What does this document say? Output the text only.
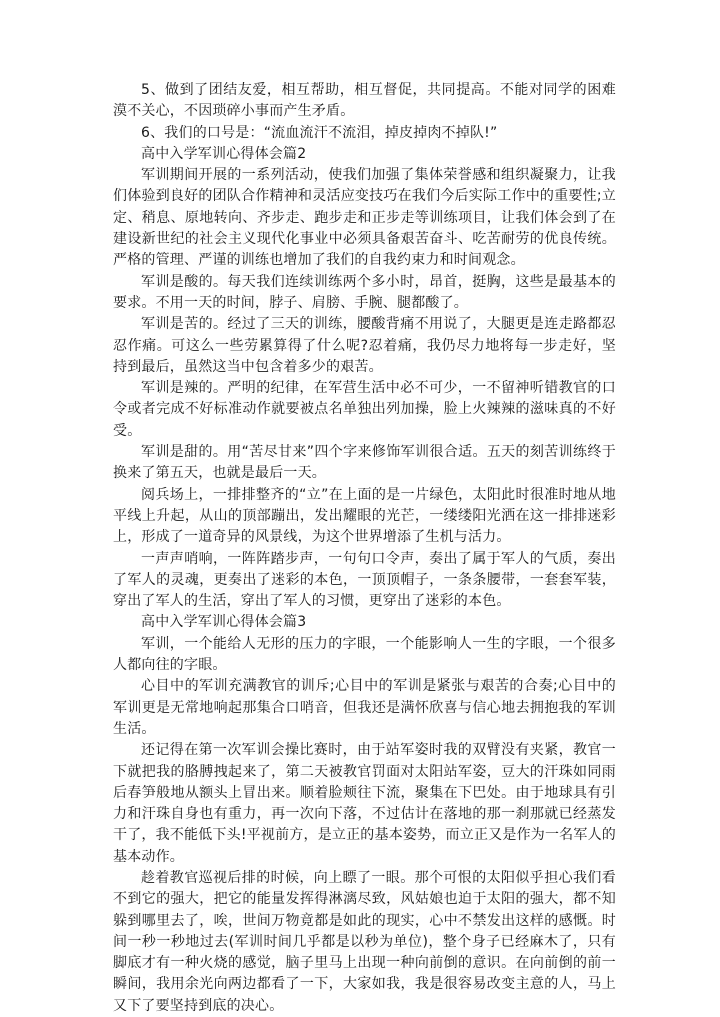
5、做到了团结友爱，相互帮助，相互督促，共同提高。不能对同学的困难漠不关心，不因琐碎小事而产生矛盾。

6、我们的口号是：“流血流汗不流泪，掉皮掉肉不掉队!”

高中入学军训心得体会篇2

军训期间开展的一系列活动，使我们加强了集体荣誉感和组织凝聚力，让我们体验到良好的团队合作精神和灵活应变技巧在我们今后实际工作中的重要性;立定、稍息、原地转向、齐步走、跑步走和正步走等训练项目，让我们体会到了在建设新世纪的社会主义现代化事业中必须具备艰苦奋斗、吃苦耐劳的优良传统。严格的管理、严谨的训练也增加了我们的自我约束力和时间观念。

军训是酸的。每天我们连续训练两个多小时，昂首，挺胸，这些是最基本的要求。不用一天的时间，脖子、肩膀、手腕、腿都酸了。

军训是苦的。经过了三天的训练，腰酸背痛不用说了，大腿更是连走路都忍忍作痛。可这么一些劳累算得了什么呢?忍着痛，我仍尽力地将每一步走好，坚持到最后，虽然这当中包含着多少的艰苦。

军训是辣的。严明的纪律，在军营生活中必不可少，一不留神听错教官的口令或者完成不好标准动作就要被点名单独出列加操，脸上火辣辣的滋味真的不好受。

军训是甜的。用“苦尽甘来”四个字来修饰军训很合适。五天的刻苦训练终于换来了第五天，也就是最后一天。

阅兵场上，一排排整齐的“立”在上面的是一片绿色，太阳此时很准时地从地平线上升起，从山的顶部蹦出，发出耀眼的光芒，一缕缕阳光洒在这一排排迷彩上，形成了一道奇异的风景线，为这个世界增添了生机与活力。

一声声哨响，一阵阵踏步声，一句句口令声，奏出了属于军人的气质，奏出了军人的灵魂，更奏出了迷彩的本色，一顶顶帽子，一条条腰带，一套套军装，穿出了军人的生活，穿出了军人的习惯，更穿出了迷彩的本色。

高中入学军训心得体会篇3

军训，一个能给人无形的压力的字眼，一个能影响人一生的字眼，一个很多人都向往的字眼。

心目中的军训充满教官的训斥;心目中的军训是紧张与艰苦的合奏;心目中的军训更是无常地响起那集合口哨音，但我还是满怀欣喜与信心地去拥抱我的军训生活。

还记得在第一次军训会操比赛时，由于站军姿时我的双臂没有夹紧，教官一下就把我的胳膊拽起来了，第二天被教官罚面对太阳站军姿，豆大的汗珠如同雨后春笋般地从额头上冒出来。顺着脸颊往下流，聚集在下巴处。由于地球具有引力和汗珠自身也有重力，再一次向下落，不过估计在落地的那一刹那就已经蒸发干了，我不能低下头!平视前方，是立正的基本姿势，而立正又是作为一名军人的基本动作。

趁着教官巡视后排的时候，向上瞟了一眼。那个可恨的太阳似乎担心我们看不到它的强大，把它的能量发挥得淋漓尽致，风姑娘也迫于太阳的强大，都不知躲到哪里去了，唉，世间万物竟都是如此的现实，心中不禁发出这样的感慨。时间一秒一秒地过去(军训时间几乎都是以秒为单位)，整个身子已经麻木了，只有脚底才有一种火烧的感觉，脑子里马上出现一种向前倒的意识。在向前倒的前一瞬间，我用余光向两边都看了一下，大家如我，我是很容易改变主意的人，马上又下了要坚持到底的决心。
